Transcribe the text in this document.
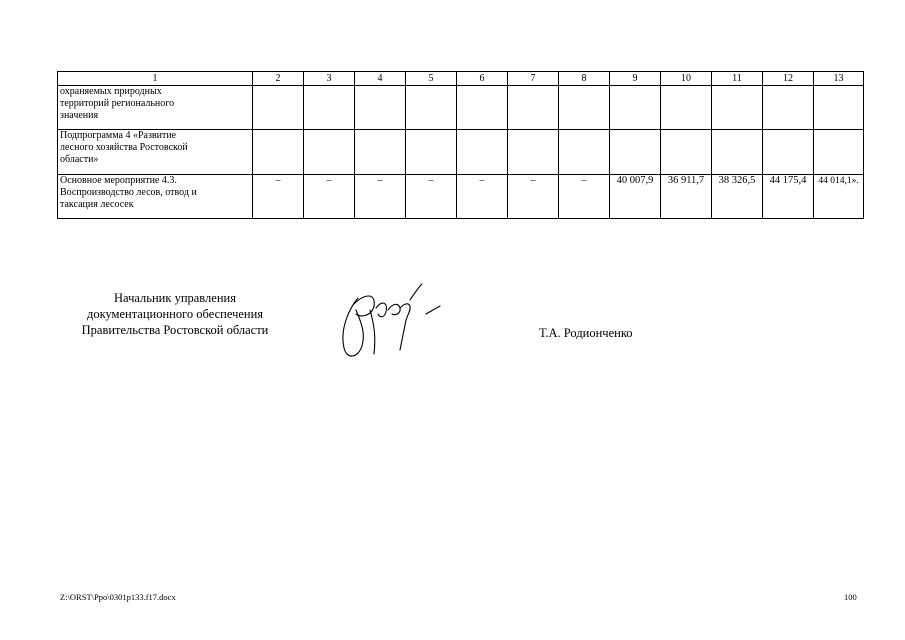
1	2	3	4	5	6	7	8	9	10	11	12	13

охраняемых природных
территорий регионального
значения												

Подпрограмма 4 «Развитие
лесного хозяйства Ростовской
области»												

Основное мероприятие 4.3.
Воспроизводство лесов, отвод и
таксация лесосек	–	–	–	–	–	–	–	40 007,9	36 911,7	38 326,5	44 175,4	44 014,1».
Начальник управления
документационного обеспечения
Правительства Ростовской области	Т.А. Родионченко
Z:\ORST\Ppo\0301p133.f17.docx	100
